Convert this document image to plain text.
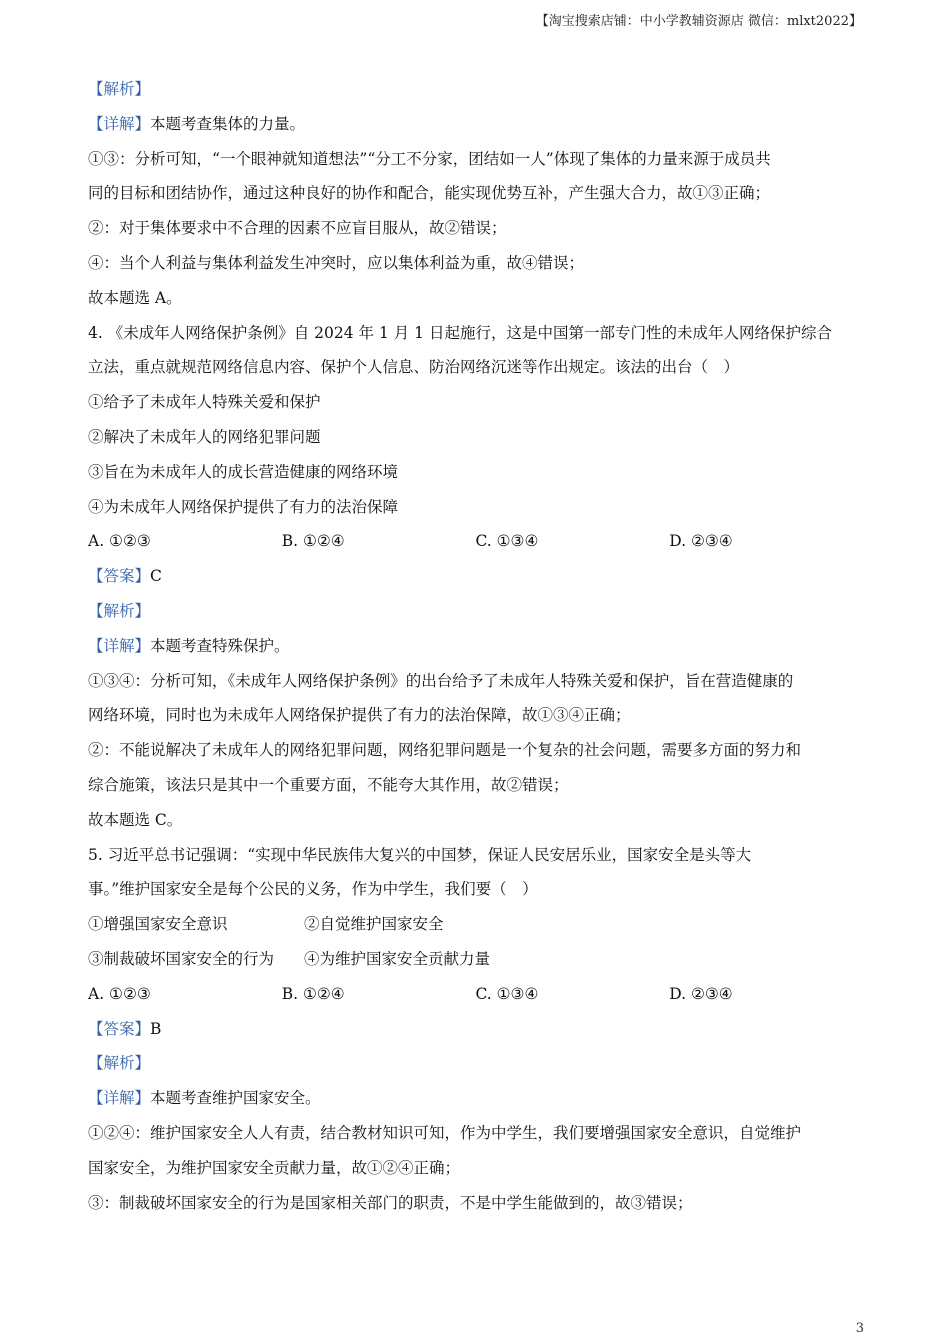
【淘宝搜索店铺：中小学教辅资源店 微信：mlxt2022】
【解析】
【详解】本题考查集体的力量。
①③：分析可知，“一个眼神就知道想法”“分工不分家，团结如一人”体现了集体的力量来源于成员共
同的目标和团结协作，通过这种良好的协作和配合，能实现优势互补，产生强大合力，故①③正确；
②：对于集体要求中不合理的因素不应盲目服从，故②错误；
④：当个人利益与集体利益发生冲突时，应以集体利益为重，故④错误；
故本题选 A。
4. 《未成年人网络保护条例》自 2024 年 1 月 1 日起施行，这是中国第一部专门性的未成年人网络保护综合
立法，重点就规范网络信息内容、保护个人信息、防治网络沉迷等作出规定。该法的出台（　）
①给予了未成年人特殊关爱和保护
②解决了未成年人的网络犯罪问题
③旨在为未成年人的成长营造健康的网络环境
④为未成年人网络保护提供了有力的法治保障
A. ①②③	B. ①②④	C. ①③④	D. ②③④
【答案】C
【解析】
【详解】本题考查特殊保护。
①③④：分析可知，《未成年人网络保护条例》的出台给予了未成年人特殊关爱和保护，旨在营造健康的
网络环境，同时也为未成年人网络保护提供了有力的法治保障，故①③④正确；
②：不能说解决了未成年人的网络犯罪问题，网络犯罪问题是一个复杂的社会问题，需要多方面的努力和
综合施策，该法只是其中一个重要方面，不能夸大其作用，故②错误；
故本题选 C。
5. 习近平总书记强调：“实现中华民族伟大复兴的中国梦，保证人民安居乐业，国家安全是头等大
事。”维护国家安全是每个公民的义务，作为中学生，我们要（　）
①增强国家安全意识	②自觉维护国家安全
③制裁破坏国家安全的行为	④为维护国家安全贡献力量
A. ①②③	B. ①②④	C. ①③④	D. ②③④
【答案】B
【解析】
【详解】本题考查维护国家安全。
①②④：维护国家安全人人有责，结合教材知识可知，作为中学生，我们要增强国家安全意识，自觉维护
国家安全，为维护国家安全贡献力量，故①②④正确；
③：制裁破坏国家安全的行为是国家相关部门的职责，不是中学生能做到的，故③错误；
3
